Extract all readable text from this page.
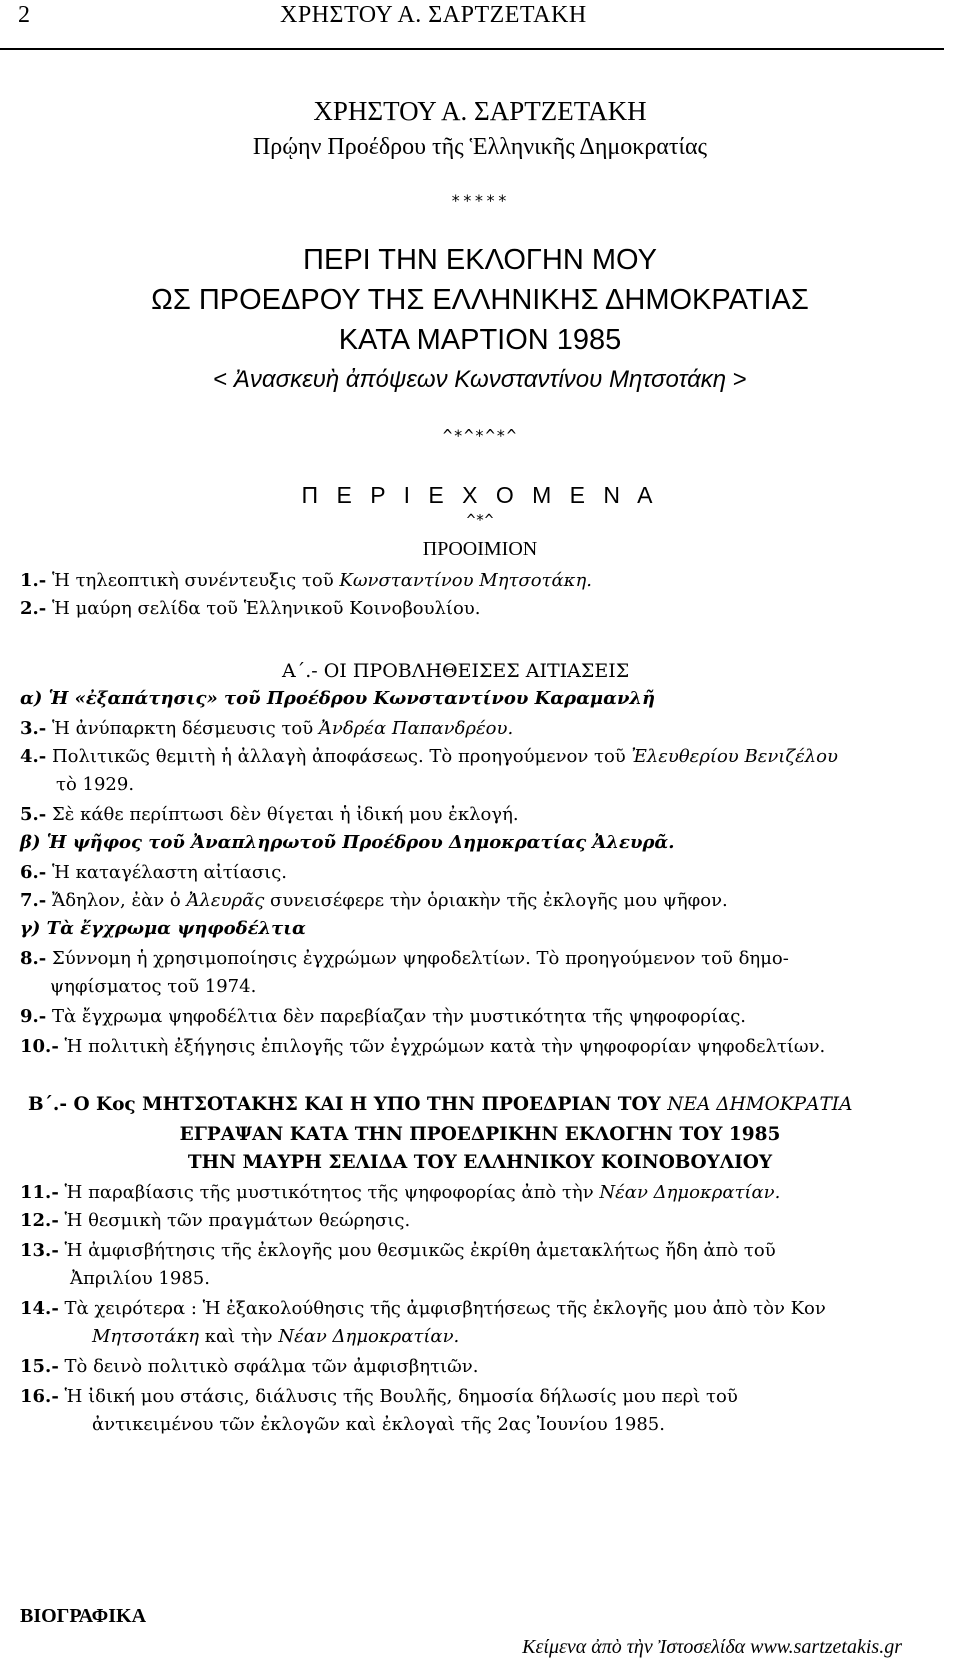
2	ΧΡΗΣΤΟΥ Α. ΣΑΡΤΖΕΤΑΚΗ
ΧΡΗΣΤΟΥ Α. ΣΑΡΤΖΕΤΑΚΗ
Πρῴην Προέδρου τῆς Ἑλληνικῆς Δημοκρατίας
*****
ΠΕΡΙ ΤΗΝ ΕΚΛΟΓΗΝ ΜΟΥ
ΩΣ ΠΡΟΕΔΡΟΥ ΤΗΣ ΕΛΛΗΝΙΚΗΣ ΔΗΜΟΚΡΑΤΙΑΣ
ΚΑΤΑ ΜΑΡΤΙΟΝ 1985
< Ἀνασκευὴ ἀπόψεων Κωνσταντίνου Μητσοτάκη >
^*^*^*^
Π Ε Ρ Ι Ε Χ Ο Μ Ε Ν Α
^*^
ΠΡΟΟΙΜΙΟΝ
1.- Ἡ τηλεοπτικὴ συνέντευξις τοῦ Κωνσταντίνου Μητσοτάκη.
2.- Ἡ μαύρη σελίδα τοῦ Ἑλληνικοῦ Κοινοβουλίου.
Α΄.- ΟΙ ΠΡΟΒΛΗΘΕΙΣΕΣ ΑΙΤΙΑΣΕΙΣ
α) Ἡ «ἐξαπάτησις» τοῦ Προέδρου Κωνσταντίνου Καραμανλῆ
3.- Ἡ ἀνύπαρκτη δέσμευσις τοῦ Ἀνδρέα Παπανδρέου.
4.- Πολιτικῶς θεμιτὴ ἡ ἀλλαγὴ ἀποφάσεως. Τὸ προηγούμενον τοῦ Ἐλευθερίου Βενιζέλου
τὸ 1929.
5.- Σὲ κάθε περίπτωσι δὲν θίγεται ἡ ἰδική μου ἐκλογή.
β) Ἡ ψῆφος τοῦ Ἀναπληρωτοῦ Προέδρου Δημοκρατίας Ἀλευρᾶ.
6.- Ἡ καταγέλαστη αἰτίασις.
7.- Ἄδηλον, ἐὰν ὁ Ἀλευρᾶς συνεισέφερε τὴν ὁριακὴν τῆς ἐκλογῆς μου ψῆφον.
γ) Τὰ ἔγχρωμα ψηφοδέλτια
8.- Σύννομη ἡ χρησιμοποίησις ἐγχρώμων ψηφοδελτίων. Τὸ προηγούμενον τοῦ δημο-
ψηφίσματος τοῦ 1974.
9.- Τὰ ἔγχρωμα ψηφοδέλτια δὲν παρεβίαζαν τὴν μυστικότητα τῆς ψηφοφορίας.
10.- Ἡ πολιτικὴ ἐξήγησις ἐπιλογῆς τῶν ἐγχρώμων κατὰ τὴν ψηφοφορίαν ψηφοδελτίων.
Β΄.- Ο Κος ΜΗΤΣΟΤΑΚΗΣ ΚΑΙ Η ΥΠΟ ΤΗΝ ΠΡΟΕΔΡΙΑΝ ΤΟΥ ΝΕΑ ΔΗΜΟΚΡΑΤΙΑ
ΕΓΡΑΨΑΝ ΚΑΤΑ ΤΗΝ ΠΡΟΕΔΡΙΚΗΝ ΕΚΛΟΓΗΝ ΤΟΥ 1985
ΤΗΝ ΜΑΥΡΗ ΣΕΛΙΔΑ ΤΟΥ ΕΛΛΗΝΙΚΟΥ ΚΟΙΝΟΒΟΥΛΙΟΥ
11.- Ἡ παραβίασις τῆς μυστικότητος τῆς ψηφοφορίας ἀπὸ τὴν Νέαν Δημοκρατίαν.
12.- Ἡ θεσμικὴ τῶν πραγμάτων θεώρησις.
13.- Ἡ ἀμφισβήτησις τῆς ἐκλογῆς μου θεσμικῶς ἐκρίθη ἀμετακλήτως ἤδη ἀπὸ τοῦ
Ἀπριλίου 1985.
14.- Τὰ χειρότερα : Ἡ ἐξακολούθησις τῆς ἀμφισβητήσεως τῆς ἐκλογῆς μου ἀπὸ τὸν Κον
Μητσοτάκη καὶ τὴν Νέαν Δημοκρατίαν.
15.- Τὸ δεινὸ πολιτικὸ σφάλμα τῶν ἀμφισβητιῶν.
16.- Ἡ ἰδική μου στάσις, διάλυσις τῆς Βουλῆς, δημοσία δήλωσίς μου περὶ τοῦ
ἀντικειμένου τῶν ἐκλογῶν καὶ ἐκλογαὶ τῆς 2ας Ἰουνίου 1985.
ΒΙΟΓΡΑΦΙΚΑ
Κείμενα ἀπὸ τὴν Ἰστοσελίδα www.sartzetakis.gr
